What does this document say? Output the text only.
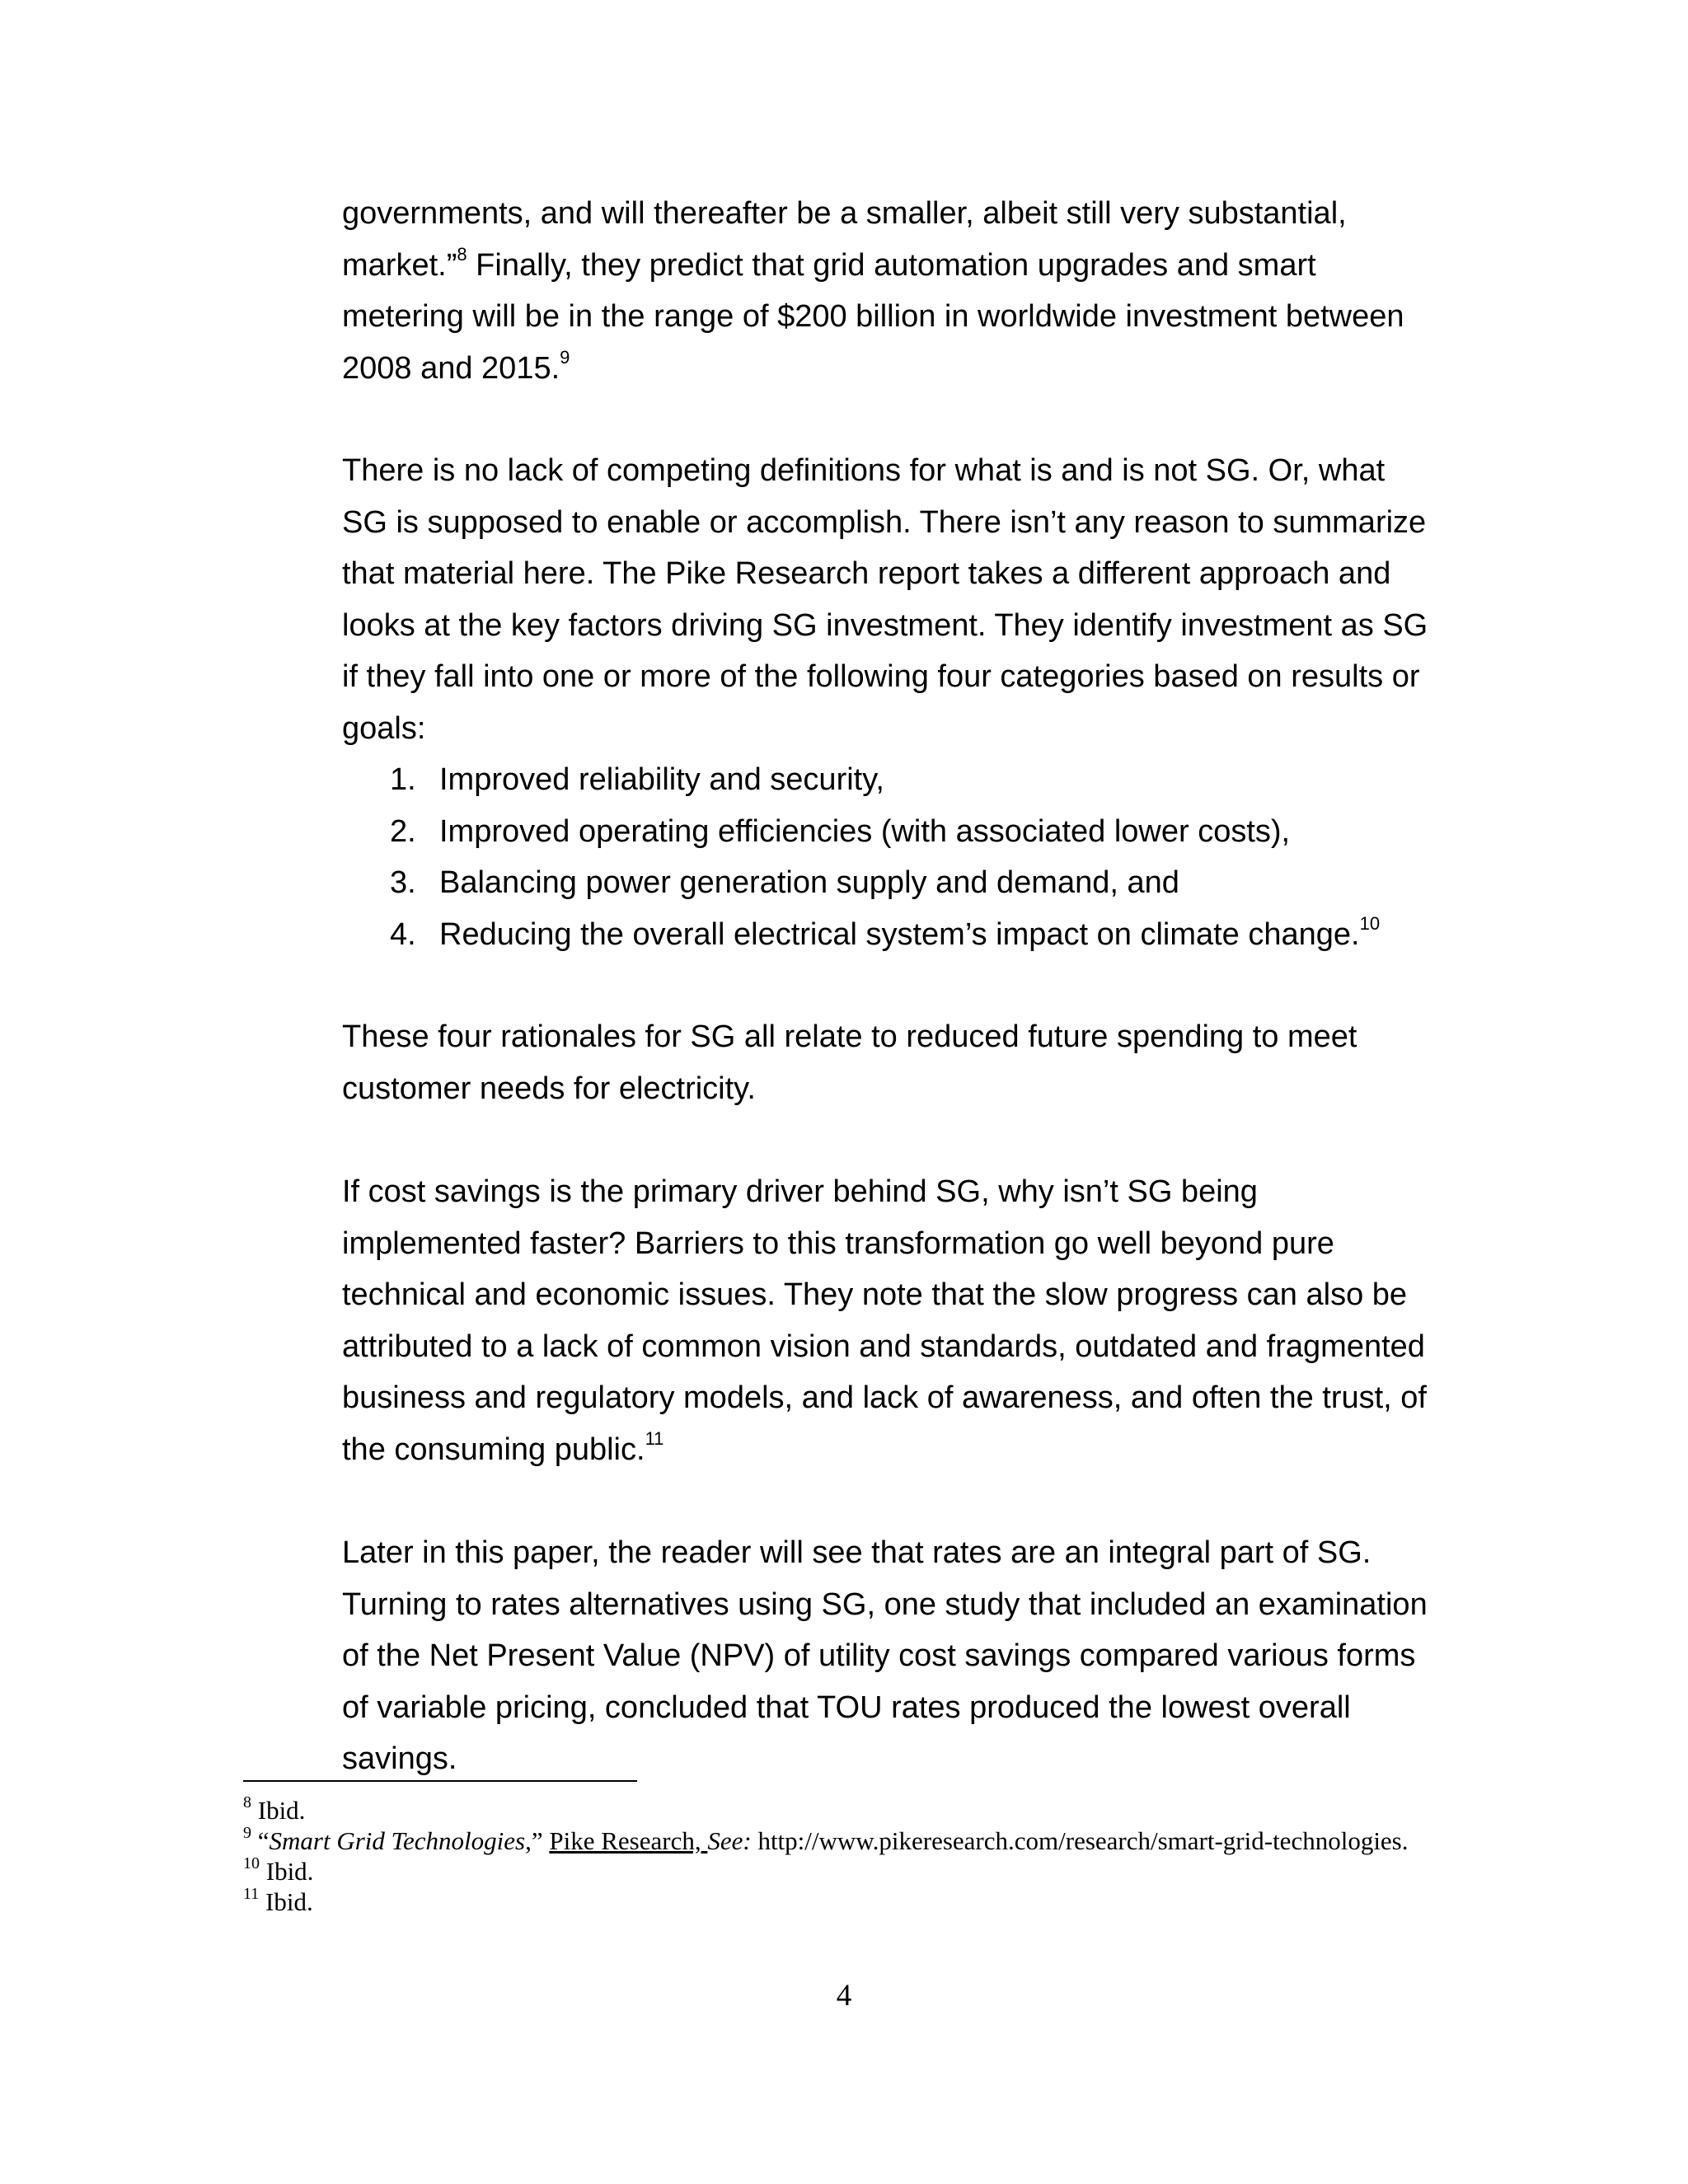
governments, and will thereafter be a smaller, albeit still very substantial, market.”$^8$ Finally, they predict that grid automation upgrades and smart metering will be in the range of $200 billion in worldwide investment between 2008 and 2015.$^9$

There is no lack of competing definitions for what is and is not SG. Or, what SG is supposed to enable or accomplish. There isn’t any reason to summarize that material here. The Pike Research report takes a different approach and looks at the key factors driving SG investment. They identify investment as SG if they fall into one or more of the following four categories based on results or goals:

1. Improved reliability and security,
2. Improved operating efficiencies (with associated lower costs),
3. Balancing power generation supply and demand, and
4. Reducing the overall electrical system’s impact on climate change.$^{10}$

These four rationales for SG all relate to reduced future spending to meet customer needs for electricity.

If cost savings is the primary driver behind SG, why isn’t SG being implemented faster? Barriers to this transformation go well beyond pure technical and economic issues. They note that the slow progress can also be attributed to a lack of common vision and standards, outdated and fragmented business and regulatory models, and lack of awareness, and often the trust, of the consuming public.$^{11}$

Later in this paper, the reader will see that rates are an integral part of SG. Turning to rates alternatives using SG, one study that included an examination of the Net Present Value (NPV) of utility cost savings compared various forms of variable pricing, concluded that TOU rates produced the lowest overall savings.

$^8$ Ibid.

$^9$ “Smart Grid Technologies,” Pike Research, See: http://www.pikeresearch.com/research/smart-grid-technologies.

$^{10}$ Ibid.

$^{11}$ Ibid.

4
